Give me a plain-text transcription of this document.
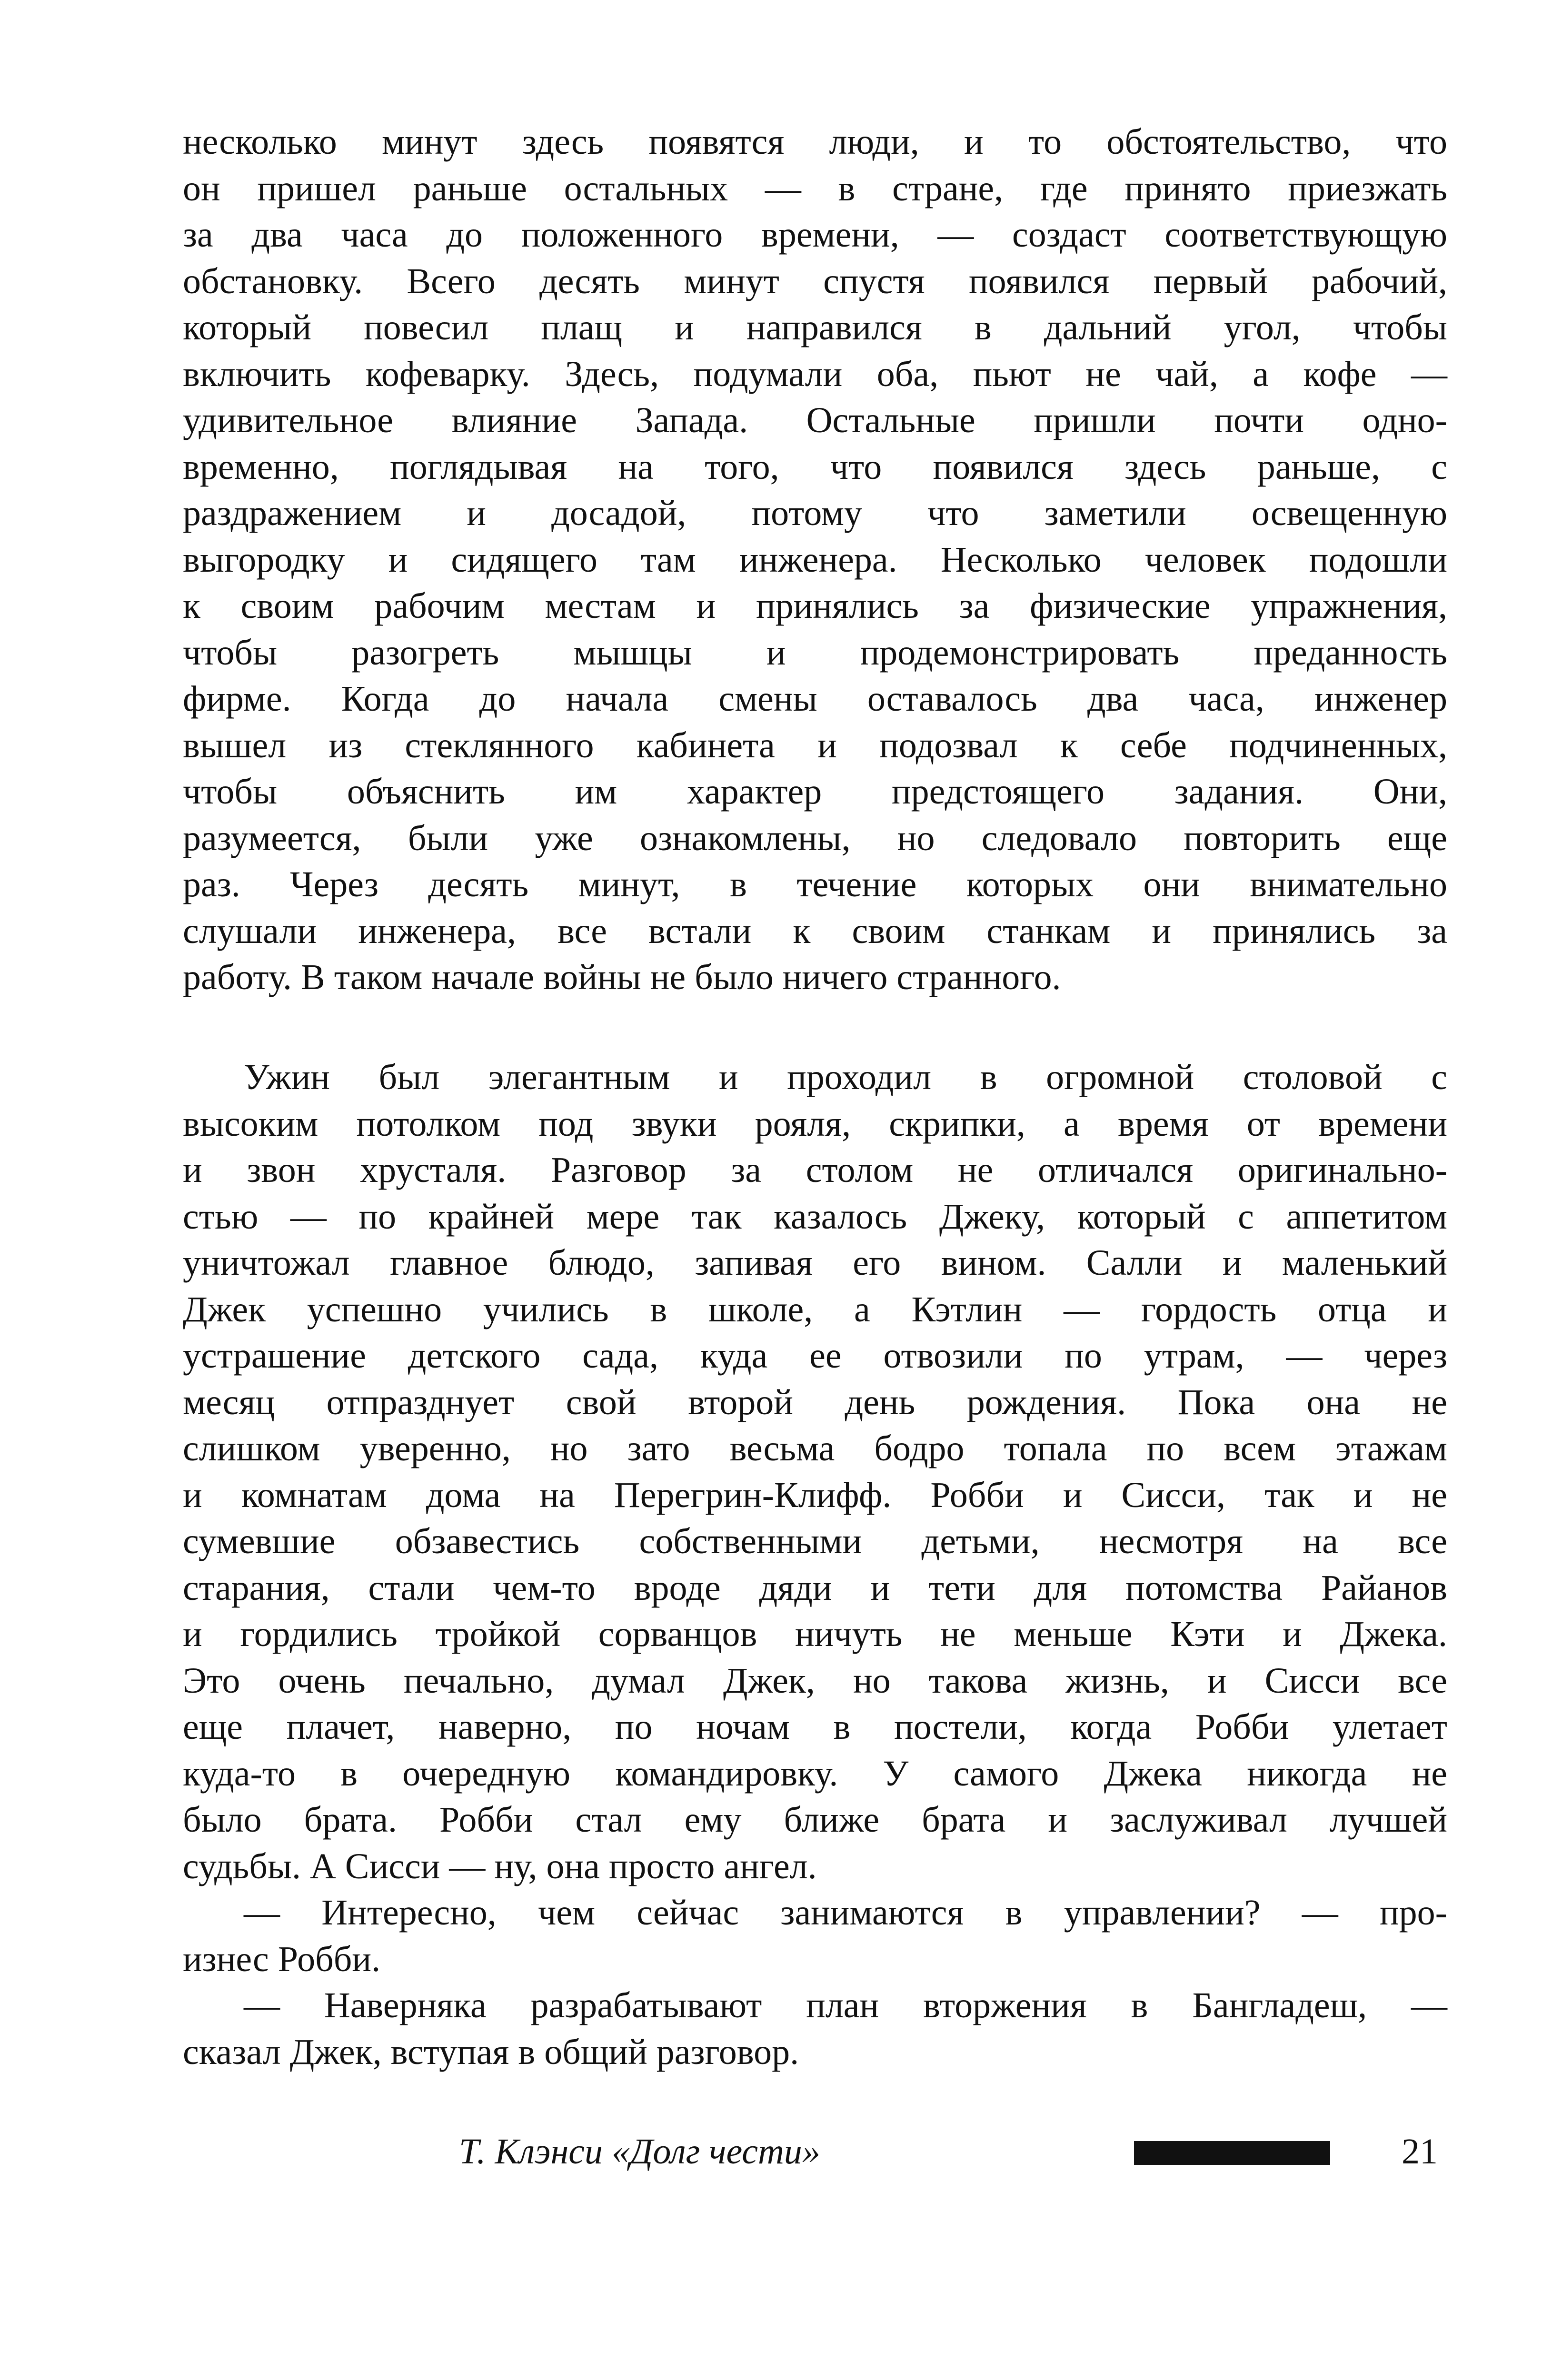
несколько минут здесь появятся люди, и то обстоятельство, что
он пришел раньше остальных — в стране, где принято приезжать
за два часа до положенного времени, — создаст соответствующую
обстановку. Всего десять минут спустя появился первый рабочий,
который повесил плащ и направился в дальний угол, чтобы
включить кофеварку. Здесь, подумали оба, пьют не чай, а кофе —
удивительное влияние Запада. Остальные пришли почти одно-
временно, поглядывая на того, что появился здесь раньше, с
раздражением и досадой, потому что заметили освещенную
выгородку и сидящего там инженера. Несколько человек подошли
к своим рабочим местам и принялись за физические упражнения,
чтобы разогреть мышцы и продемонстрировать преданность
фирме. Когда до начала смены оставалось два часа, инженер
вышел из стеклянного кабинета и подозвал к себе подчиненных,
чтобы объяснить им характер предстоящего задания. Они,
разумеется, были уже ознакомлены, но следовало повторить еще
раз. Через десять минут, в течение которых они внимательно
слушали инженера, все встали к своим станкам и принялись за
работу. В таком начале войны не было ничего странного.
Ужин был элегантным и проходил в огромной столовой с
высоким потолком под звуки рояля, скрипки, а время от времени
и звон хрусталя. Разговор за столом не отличался оригинально-
стью — по крайней мере так казалось Джеку, который с аппетитом
уничтожал главное блюдо, запивая его вином. Салли и маленький
Джек успешно учились в школе, а Кэтлин — гордость отца и
устрашение детского сада, куда ее отвозили по утрам, — через
месяц отпразднует свой второй день рождения. Пока она не
слишком уверенно, но зато весьма бодро топала по всем этажам
и комнатам дома на Перегрин-Клифф. Робби и Сисси, так и не
сумевшие обзавестись собственными детьми, несмотря на все
старания, стали чем-то вроде дяди и тети для потомства Райанов
и гордились тройкой сорванцов ничуть не меньше Кэти и Джека.
Это очень печально, думал Джек, но такова жизнь, и Сисси все
еще плачет, наверно, по ночам в постели, когда Робби улетает
куда-то в очередную командировку. У самого Джека никогда не
было брата. Робби стал ему ближе брата и заслуживал лучшей
судьбы. А Сисси — ну, она просто ангел.
— Интересно, чем сейчас занимаются в управлении? — про-
изнес Робби.
— Наверняка разрабатывают план вторжения в Бангладеш, —
сказал Джек, вступая в общий разговор.
Т. Клэнси «Долг чести»	21
